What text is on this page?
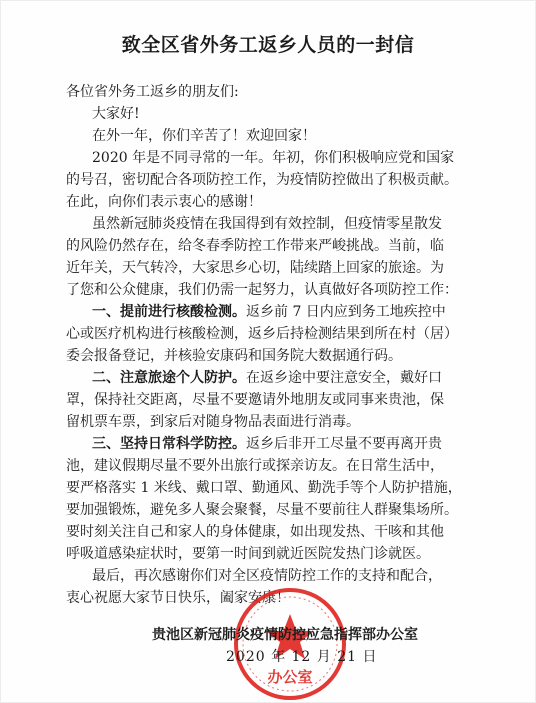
致全区省外务工返乡人员的一封信
各位省外务工返乡的朋友们:
大家好!
在外一年，你们辛苦了！欢迎回家！
2020 年是不同寻常的一年。年初，你们积极响应党和国家
的号召，密切配合各项防控工作，为疫情防控做出了积极贡献。
在此，向你们表示衷心的感谢！
虽然新冠肺炎疫情在我国得到有效控制，但疫情零星散发
的风险仍然存在，给冬春季防控工作带来严峻挑战。当前，临
近年关，天气转冷，大家思乡心切，陆续踏上回家的旅途。为
了您和公众健康，我们仍需一起努力，认真做好各项防控工作：
一、提前进行核酸检测。返乡前 7 日内应到务工地疾控中
心或医疗机构进行核酸检测，返乡后持检测结果到所在村（居）
委会报备登记，并核验安康码和国务院大数据通行码。
二、注意旅途个人防护。在返乡途中要注意安全，戴好口
罩，保持社交距离，尽量不要邀请外地朋友或同事来贵池，保
留机票车票，到家后对随身物品表面进行消毒。
三、坚持日常科学防控。返乡后非开工尽量不要再离开贵
池，建议假期尽量不要外出旅行或探亲访友。在日常生活中，
要严格落实 1 米线、戴口罩、勤通风、勤洗手等个人防护措施，
要加强锻炼，避免多人聚会聚餐，尽量不要前往人群聚集场所。
要时刻关注自己和家人的身体健康，如出现发热、干咳和其他
呼吸道感染症状时，要第一时间到就近医院发热门诊就医。
最后，再次感谢你们对全区疫情防控工作的支持和配合，
衷心祝愿大家节日快乐，阖家安康！
办公室
贵池区新冠肺炎疫情防控应急指挥部办公室
2020 年 12 月 21 日
